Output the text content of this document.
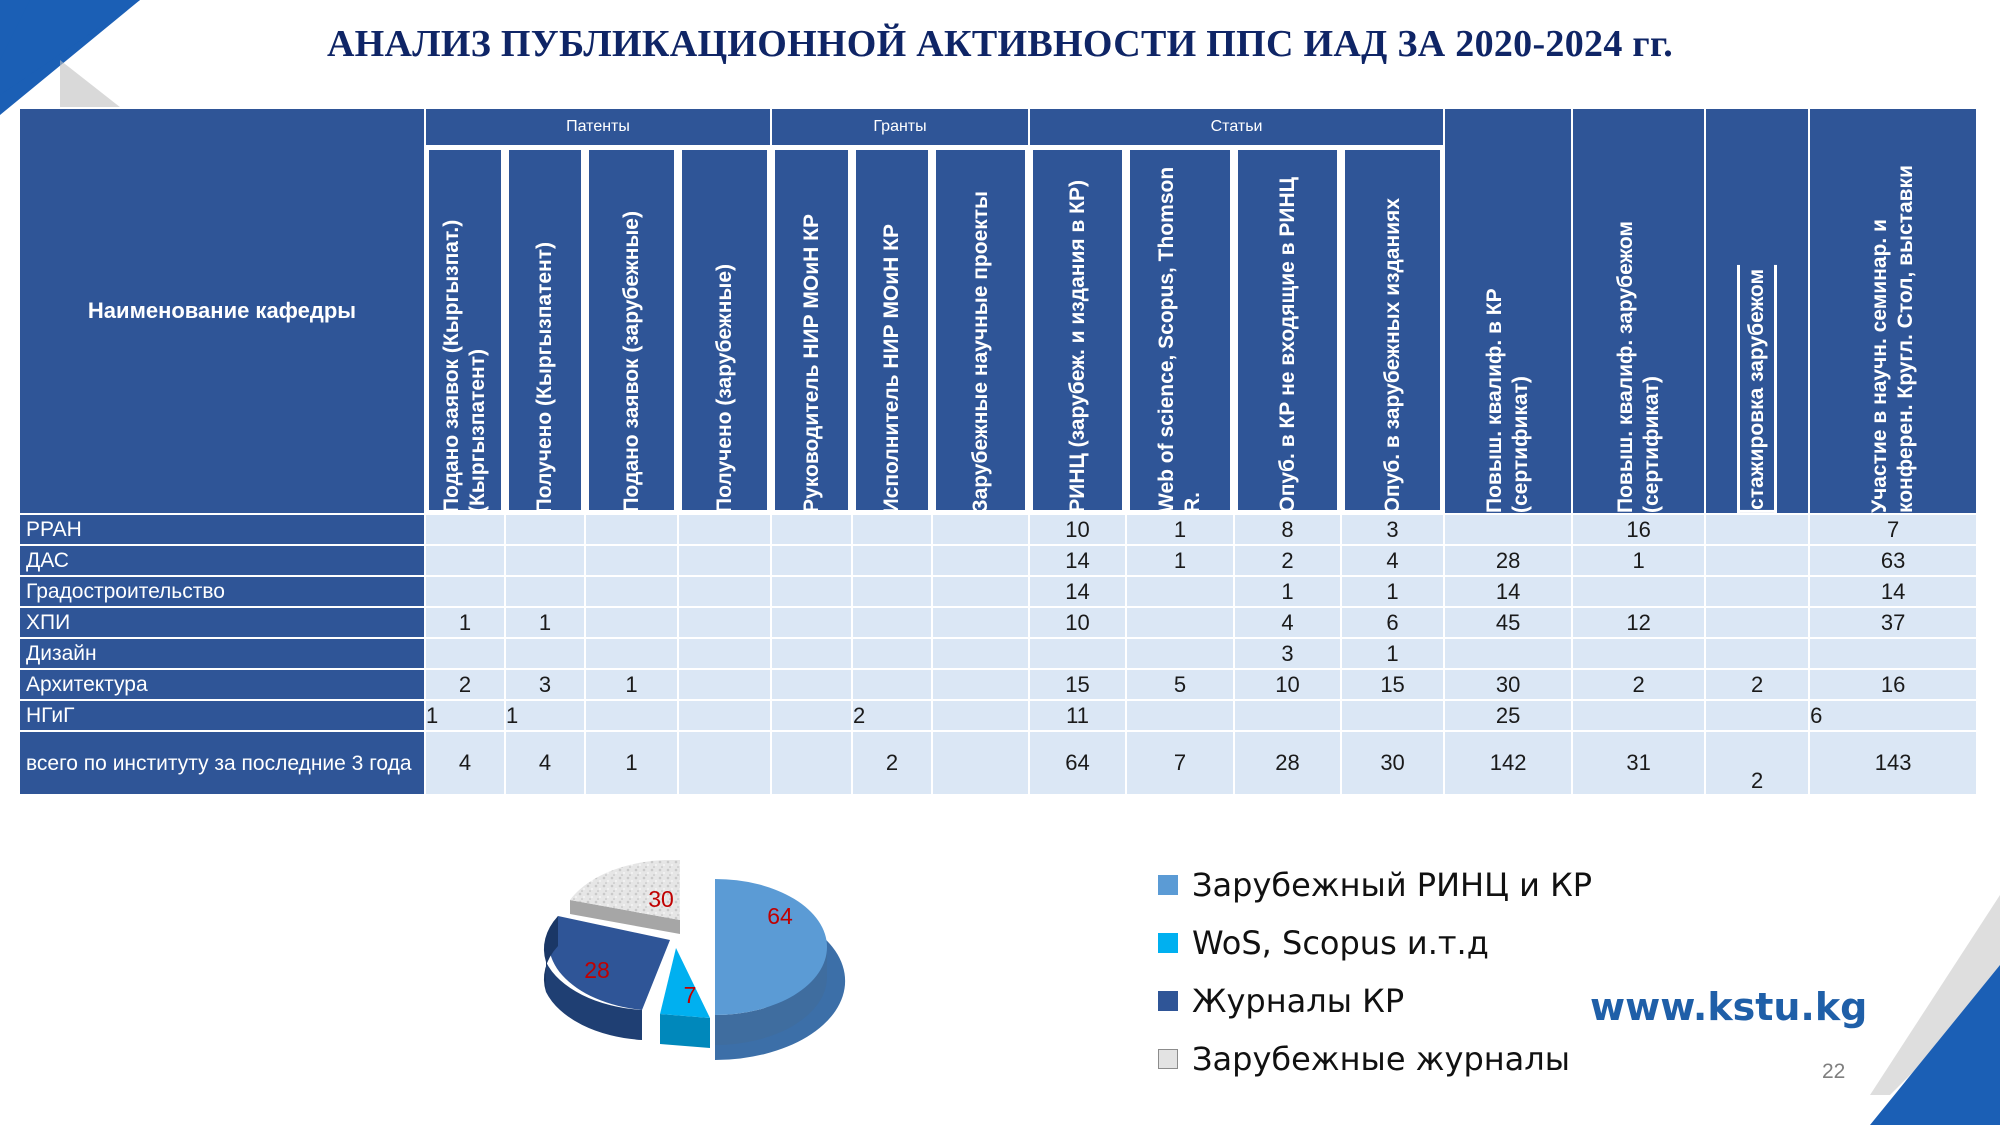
АНАЛИЗ ПУБЛИКАЦИОННОЙ АКТИВНОСТИ ППС ИАД ЗА 2020-2024 гг.
Наименование кафедры	Патенты				Гранты			Статьи				Повыш. квалиф. в КР (сертификат)	Повыш. квалиф. зарубежом (сертификат)	стажировка зарубежом	Участие в научн. семинар. и конферен. Кругл. Стол, выставки

	Подано заявок (Кыргызпат.) (Кыргызпатент)	Получено (Кыргызпатент)	Подано заявок (зарубежные)	Получено (зарубежные)	Руководитель НИР МОиН КР	Исполнитель НИР МОиН КР	Зарубежные научные проекты	РИНЦ (зарубеж. и издания в КР)	Web of science, Scopus, Thomson R.	Опуб. в КР не входящие в РИНЦ	Опуб. в зарубежных изданиях				

РРАН								10	1	8	3		16		7
ДАС								14	1	2	4	28	1		63
Градостроительство								14		1	1	14			14
ХПИ	1	1						10		4	6	45	12		37
Дизайн										3	1				
Архитектура	2	3	1					15	5	10	15	30	2	2	16
НГиГ	1	1				2		11				25			6
всего по институту за последние 3 года	4	4	1			2		64	7	28	30	142	31	2	143
64
7
28
30	Зарубежный РИНЦ и КР
WoS, Scopus и.т.д
Журналы КР
Зарубежные журналы
www.kstu.kg
22
